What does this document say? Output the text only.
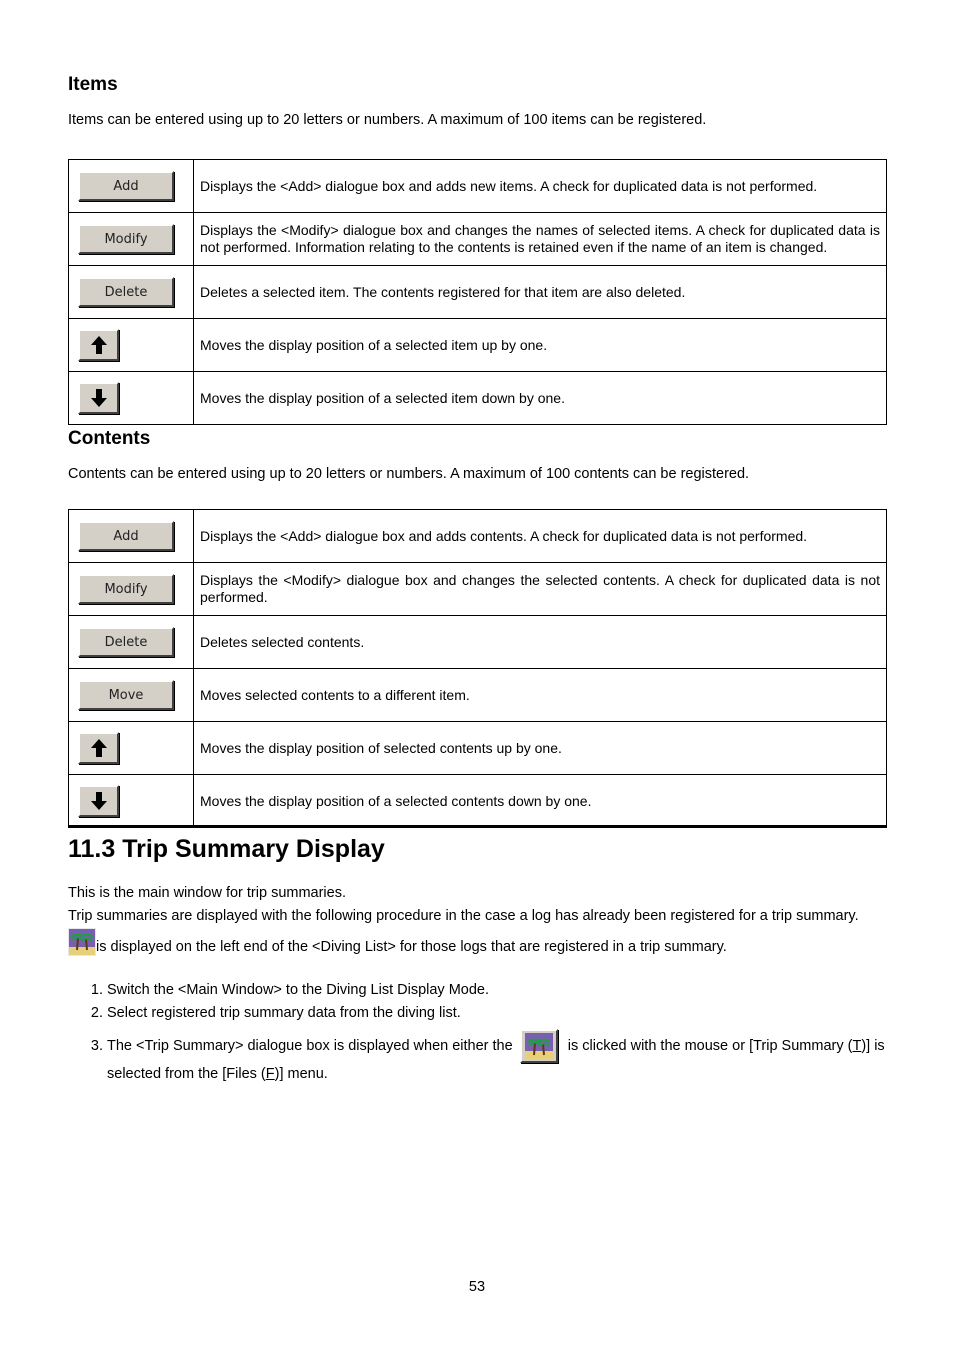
Items

Items can be entered using up to 20 letters or numbers. A maximum of 100 items can be registered.

Add	Displays the <Add> dialogue box and adds new items. A check for duplicated data is not performed.
Modify	Displays the <Modify> dialogue box and changes the names of selected items. A check for duplicated data is not performed. Information relating to the contents is retained even if the name of an item is changed.
Delete	Deletes a selected item. The contents registered for that item are also deleted.

	Moves the display position of a selected item up by one.

	Moves the display position of a selected item down by one.
Contents

Contents can be entered using up to 20 letters or numbers. A maximum of 100 contents can be registered.

Add	Displays the <Add> dialogue box and adds contents. A check for duplicated data is not performed.
Modify	Displays the <Modify> dialogue box and changes the selected contents. A check for duplicated data is not performed.
Delete	Deletes selected contents.
Move	Moves selected contents to a different item.

	Moves the display position of selected contents up by one.

	Moves the display position of a selected contents down by one.
11.3 Trip Summary Display

This is the main window for trip summaries.

Trip summaries are displayed with the following procedure in the case a log has already been registered for a trip summary.

is displayed on the left end of the <Diving List> for those logs that are registered in a trip summary.

1. Switch the <Main Window> to the Diving List Display Mode.
2. Select registered trip summary data from the diving list.
3. The <Trip Summary> dialogue box is displayed when either the	is clicked with the mouse or [Trip Summary (T)] is selected from the [Files (F)] menu.
53
